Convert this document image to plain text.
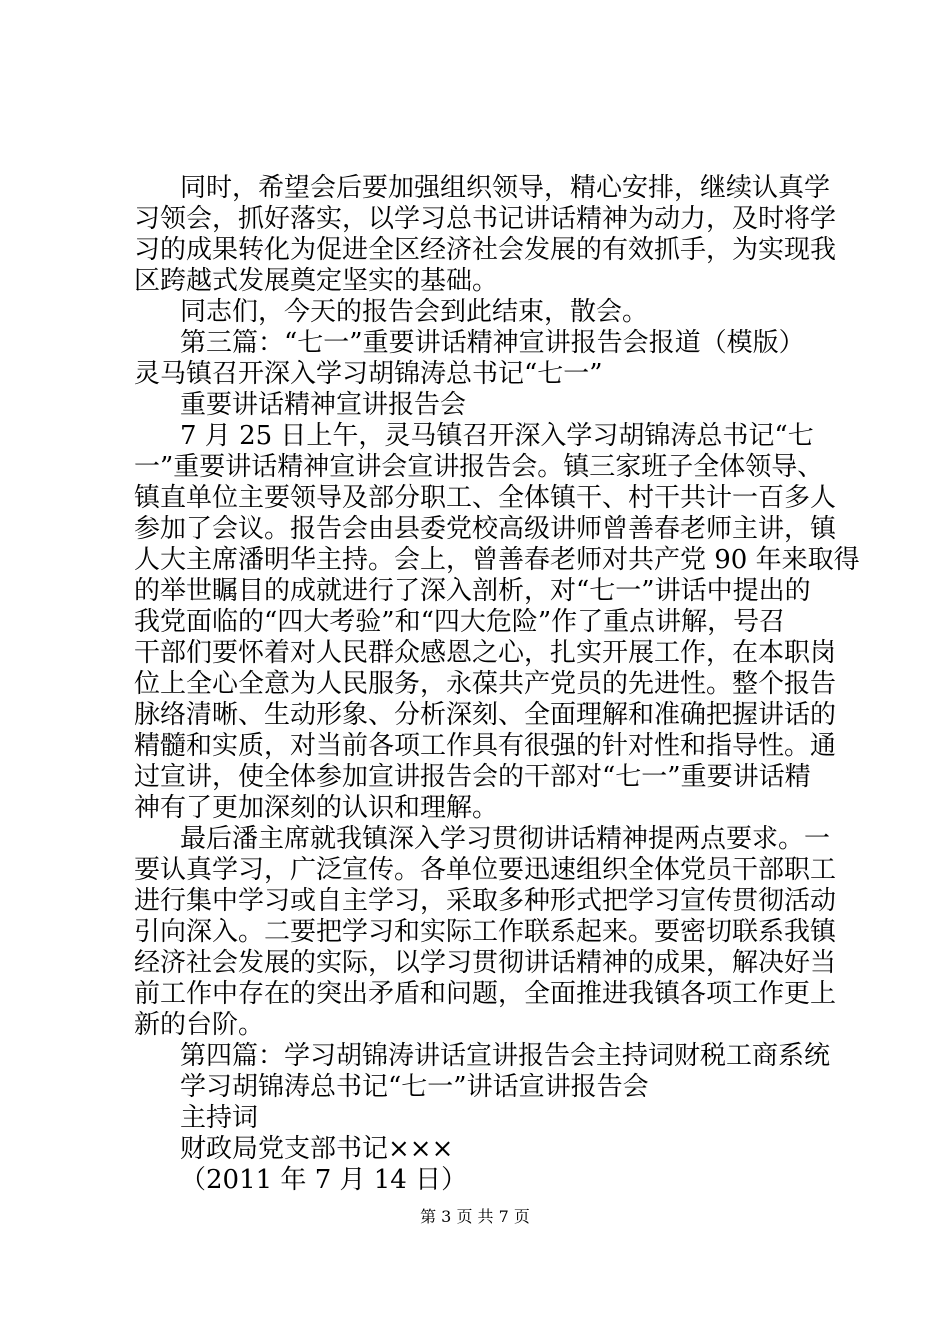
同时，希望会后要加强组织领导，精心安排，继续认真学
习领会，抓好落实，以学习总书记讲话精神为动力，及时将学
习的成果转化为促进全区经济社会发展的有效抓手，为实现我
区跨越式发展奠定坚实的基础。
同志们，今天的报告会到此结束，散会。
第三篇：“七一”重要讲话精神宣讲报告会报道（模版）
灵马镇召开深入学习胡锦涛总书记“七一”
重要讲话精神宣讲报告会
7 月 25 日上午，灵马镇召开深入学习胡锦涛总书记“七
一”重要讲话精神宣讲会宣讲报告会。镇三家班子全体领导、
镇直单位主要领导及部分职工、全体镇干、村干共计一百多人
参加了会议。报告会由县委党校高级讲师曾善春老师主讲，镇
人大主席潘明华主持。会上，曾善春老师对共产党 90 年来取得
的举世瞩目的成就进行了深入剖析，对“七一”讲话中提出的
我党面临的“四大考验”和“四大危险”作了重点讲解，号召
干部们要怀着对人民群众感恩之心，扎实开展工作，在本职岗
位上全心全意为人民服务，永葆共产党员的先进性。整个报告
脉络清晰、生动形象、分析深刻、全面理解和准确把握讲话的
精髓和实质，对当前各项工作具有很强的针对性和指导性。通
过宣讲，使全体参加宣讲报告会的干部对“七一”重要讲话精
神有了更加深刻的认识和理解。
最后潘主席就我镇深入学习贯彻讲话精神提两点要求。一
要认真学习，广泛宣传。各单位要迅速组织全体党员干部职工
进行集中学习或自主学习，采取多种形式把学习宣传贯彻活动
引向深入。二要把学习和实际工作联系起来。要密切联系我镇
经济社会发展的实际，以学习贯彻讲话精神的成果，解决好当
前工作中存在的突出矛盾和问题，全面推进我镇各项工作更上
新的台阶。
第四篇：学习胡锦涛讲话宣讲报告会主持词财税工商系统
学习胡锦涛总书记“七一”讲话宣讲报告会
主持词
财政局党支部书记×××
（2011 年 7 月 14 日）
第 3 页 共 7 页
